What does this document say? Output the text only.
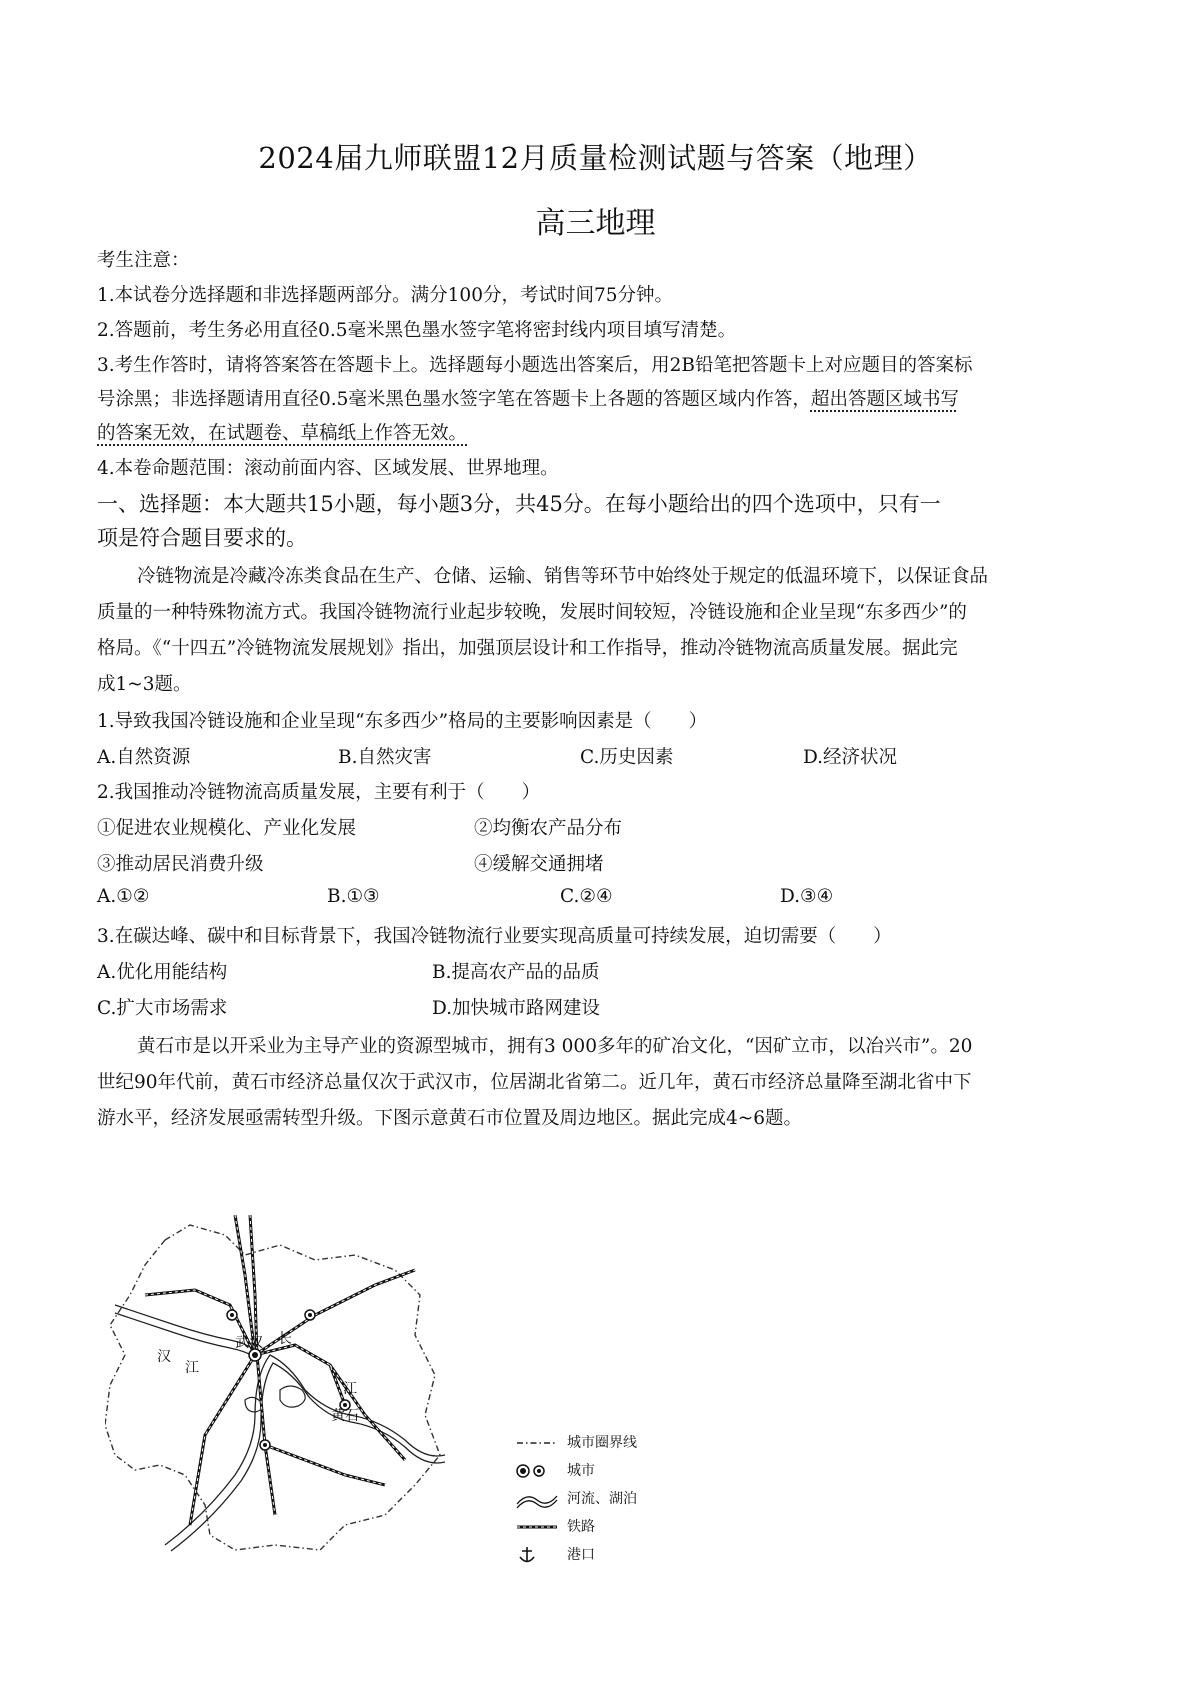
2024届九师联盟12月质量检测试题与答案（地理）
高三地理
考生注意：
1.本试卷分选择题和非选择题两部分。满分100分，考试时间75分钟。
2.答题前，考生务必用直径0.5毫米黑色墨水签字笔将密封线内项目填写清楚。
3.考生作答时，请将答案答在答题卡上。选择题每小题选出答案后，用2B铅笔把答题卡上对应题目的答案标
号涂黑；非选择题请用直径0.5毫米黑色墨水签字笔在答题卡上各题的答题区域内作答，超出答题区域书写
的答案无效，在试题卷、草稿纸上作答无效。
4.本卷命题范围：滚动前面内容、区域发展、世界地理。
一、选择题：本大题共15小题，每小题3分，共45分。在每小题给出的四个选项中，只有一
项是符合题目要求的。
冷链物流是冷藏冷冻类食品在生产、仓储、运输、销售等环节中始终处于规定的低温环境下，以保证食品
质量的一种特殊物流方式。我国冷链物流行业起步较晚，发展时间较短，冷链设施和企业呈现“东多西少”的
格局。《“十四五”冷链物流发展规划》指出，加强顶层设计和工作指导，推动冷链物流高质量发展。据此完
成1~3题。
1.导致我国冷链设施和企业呈现“东多西少”格局的主要影响因素是（　　）
A.自然资源	B.自然灾害	C.历史因素	D.经济状况
2.我国推动冷链物流高质量发展，主要有利于（　　）
①促进农业规模化、产业化发展	②均衡农产品分布
③推动居民消费升级	④缓解交通拥堵
A.①②	B.①③	C.②④	D.③④
3.在碳达峰、碳中和目标背景下，我国冷链物流行业要实现高质量可持续发展，迫切需要（　　）
A.优化用能结构	B.提高农产品的品质
C.扩大市场需求	D.加快城市路网建设
黄石市是以开采业为主导产业的资源型城市，拥有3 000多年的矿冶文化，“因矿立市，以冶兴市”。20
世纪90年代前，黄石市经济总量仅次于武汉市，位居湖北省第二。近几年，黄石市经济总量降至湖北省中下
游水平，经济发展亟需转型升级。下图示意黄石市位置及周边地区。据此完成4~6题。
武汉
汉
江
长
江
黄石
城市圈界线
城市
河流、湖泊
铁路
港口
